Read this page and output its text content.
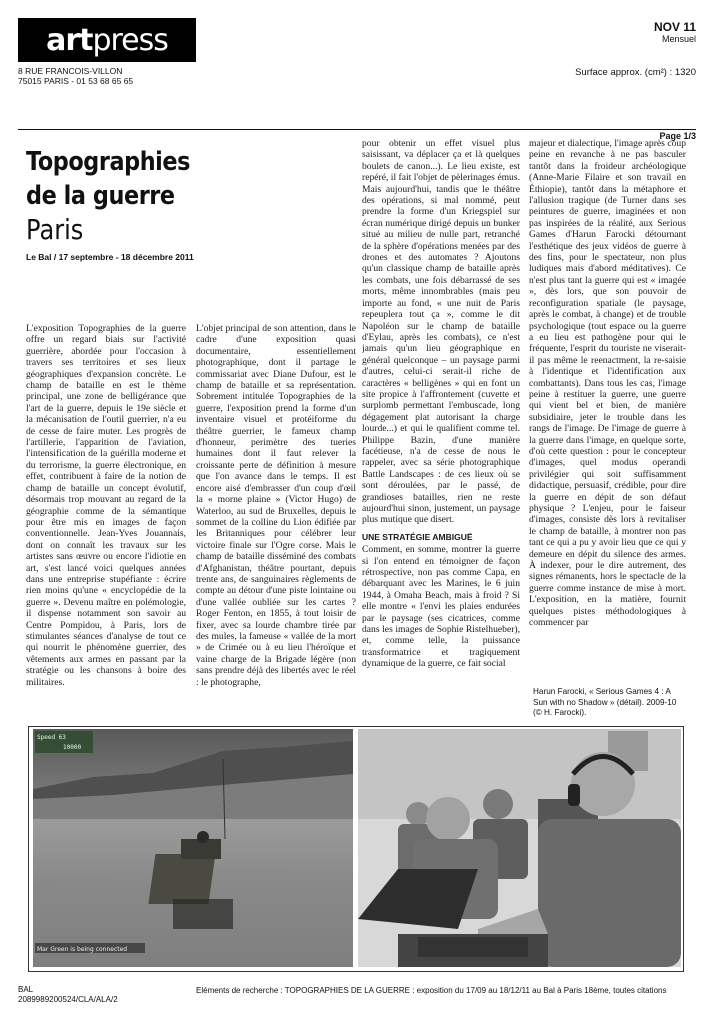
art press
8 RUE FRANCOIS-VILLON
75015 PARIS - 01 53 68 65 65
NOV 11
Mensuel
Surface approx. (cm²) : 1320
Page 1/3
Topographies
de la guerre
Paris
Le Bal / 17 septembre - 18 décembre 2011

L'exposition Topographies de la guerre offre un regard biais sur l'activité guerrière, abordée pour l'occasion à travers ses territoires et ses lieux géographiques d'expansion concrète. Le champ de bataille en est le thème principal, une zone de belligérance que l'art de la guerre, depuis le 19e siècle et la mécanisation de l'outil guerrier, n'a eu de cesse de faire muter. Les progrès de l'artillerie, l'apparition de l'aviation, l'intensification de la guérilla moderne et du terrorisme, la guerre électronique, en effet, contribuent à faire de la notion de champ de bataille un concept évolutif, désormais trop mouvant au regard de la géographie comme de la sémantique pour être mis en images de façon conventionnelle. Jean-Yves Jouannais, dont on connaît les travaux sur les artistes sans œuvre ou encore l'idiotie en art, s'est lancé voici quelques années dans une entreprise stupéfiante : écrire rien moins qu'une « encyclopédie de la guerre ». Devenu maître en polémologie, il dispense notamment son savoir au Centre Pompidou, à Paris, lors de stimulantes séances d'analyse de tout ce qui nourrit le phénomène guerrier, des vêtements aux armes en passant par la stratégie ou les chansons à boire des militaires.

L'objet principal de son attention, dans le cadre d'une exposition quasi documentaire, essentiellement photographique, dont il partage le commissariat avec Diane Dufour, est le champ de bataille et sa représentation. Sobrement intitulée Topographies de la guerre, l'exposition prend la forme d'un inventaire visuel et protéiforme du théâtre guerrier, le fameux champ d'honneur, perimètre des tueries humaines dont il faut relever la croissante perte de définition à mesure que l'on avance dans le temps. Il est encore aisé d'embrasser d'un coup d'œil la « morne plaine » (Victor Hugo) de Waterloo, au sud de Bruxelles, depuis le sommet de la colline du Lion édifiée par les Britanniques pour célébrer leur victoire finale sur l'Ogre corse. Mais le champ de bataille disséminé des combats d'Afghanistan, théâtre pourtant, depuis trente ans, de sanguinaires règlements de compte au détour d'une piste lointaine ou d'une vallée oubliée sur les cartes ? Roger Fenton, en 1855, à tout loisir de fixer, avec sa lourde chambre tirée par des mules, la fameuse « vallée de la mort » de Crimée ou à eu lieu l'héroïque et vaine charge de la Brigade légère (non sans prendre déjà des libertés avec le réel : le photographe,

pour obtenir un effet visuel plus saisissant, va déplacer ça et là quelques boulets de canon...). Le lieu existe, est repéré, il fait l'objet de pèlerinages émus. Mais aujourd'hui, tandis que le théâtre des opérations, si mal nommé, peut prendre la forme d'un Kriegspiel sur écran numérique dirigé depuis un bunker situé au milieu de nulle part, retranché de la sphère d'opérations menées par des drones et des automates ? Ajoutons qu'un classique champ de bataille après les combats, une fois débarrassé de ses morts, même innombrables (mais peu importe au fond, « une nuit de Paris repeuplera tout ça », comme le dit Napoléon sur le champ de bataille d'Eylau, après les combats), ce n'est jamais qu'un lieu géographique en général quelconque – un paysage parmi d'autres, celui-ci serait-il riche de caractères « belligènes » qui en font un site propice à l'affrontement (cuvette et surplomb permettant l'embuscade, long dégagement plat autorisant la charge lourde...) et qui le qualifient comme tel. Philippe Bazin, d'une manière facétieuse, n'a de cesse de nous le rappeler, avec sa série photographique Battle Landscapes : de ces lieux où se sont déroulées, par le passé, de grandioses batailles, rien ne reste aujourd'hui sinon, justement, un paysage plus mutique que disert.

UNE STRATÉGIE AMBIGUË

Comment, en somme, montrer la guerre si l'on entend en témoigner de façon rétrospective, non pas comme Capa, en débarquant avec les Marines, le 6 juin 1944, à Omaha Beach, mais à froid ? Si elle montre « l'envi les plaies endurées par le paysage (ses cicatrices, comme dans les images de Sophie Ristelhueber), et, comme telle, la puissance transformatrice et tragiquement dynamique de la guerre, ce fait social

majeur et dialectique, l'image après coup peine en revanche à ne pas basculer tantôt dans la froideur archéologique (Anne-Marie Filaire et son travail en Éthiopie), tantôt dans la métaphore et l'allusion tragique (de Turner dans ses peintures de guerre, imaginées et non pas inspirées de la réalité, aux Serious Games d'Harun Farocki détournant l'esthétique des jeux vidéos de guerre à des fins, pour le spectateur, non plus ludiques mais d'abord méditatives). Ce n'est plus tant la guerre qui est « imagée », dès lors, que son pouvoir de reconfiguration spatiale (le paysage, après le combat, à change) et de trouble psychologique (tout espace ou la guerre a eu lieu est pathogène pour qui le fréquente, l'esprit du touriste ne viserait-il pas même le reenactment, la re-saisie à l'identique et l'identification aux combattants). Dans tous les cas, l'image peine à restituer la guerre, une guerre qui vient bel et bien, de manière subsidiaire, jeter le trouble dans les rangs de l'image. De l'image de guerre à la guerre dans l'image, en quelque sorte, d'où cette question : pour le concepteur d'images, quel modus operandi privilégier qui soit suffisamment didactique, persuasif, crédible, pour dire la guerre en dépit de son défaut physique ? L'enjeu, pour le faiseur d'images, consiste dès lors à revitaliser le champ de bataille, à montrer non pas tant ce qui a pu y avoir lieu que ce qui y demeure en dépit du silence des armes. À indexer, pour le dire autrement, des signes rémanents, hors le spectacle de la guerre comme instance de mise à mort. L'exposition, en la matière, fournit quelques pistes méthodologiques à commencer par

Harun Farocki, « Serious Games 4 : A Sun with no Shadow » (détail). 2009-10 (© H. Farocki).
Speed 63
10000
Mar Green is being connected
BAL
2089989200524/CLA/ALA/2
Eléments de recherche : TOPOGRAPHIES DE LA GUERRE : exposition du 17/09 au 18/12/11 au Bal à Paris 18ème, toutes citations
